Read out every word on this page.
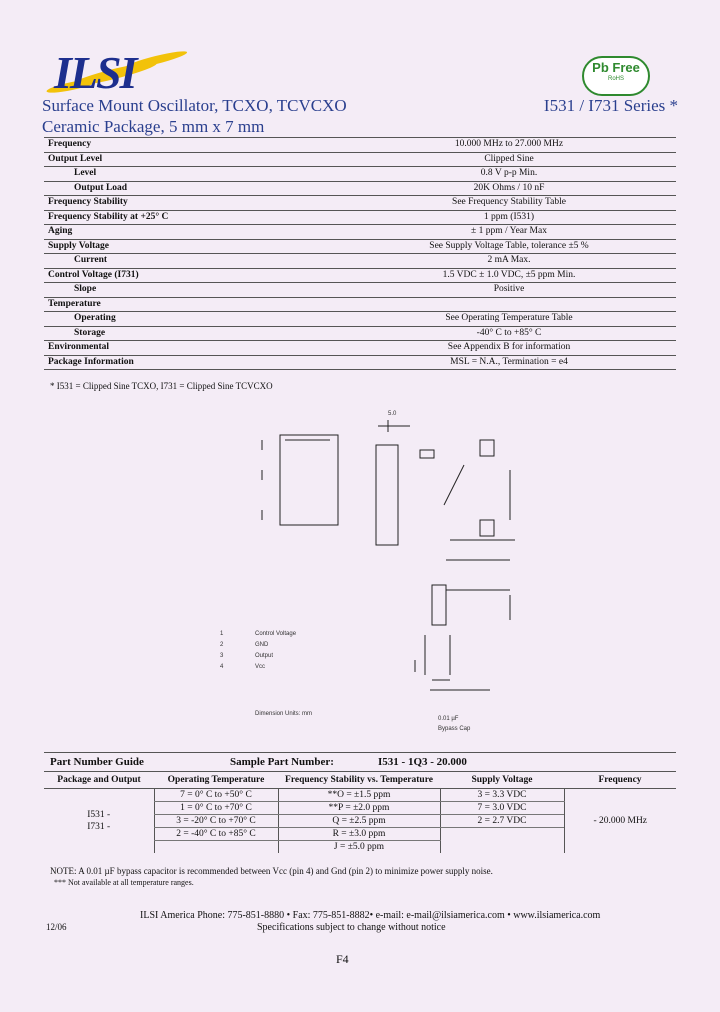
ILSI	Pb Free
RoHS
Surface Mount Oscillator, TCXO, TCVCXO
Ceramic Package, 5 mm x 7 mm
I531 / I731 Series *
Frequency	10.000 MHz to 27.000 MHz
Output Level	Clipped Sine
Level	0.8 V p-p Min.
Output Load	20K Ohms / 10 nF
Frequency Stability	See Frequency Stability Table
Frequency Stability at +25° C	1 ppm (I531)
Aging	± 1 ppm / Year Max
Supply Voltage	See Supply Voltage Table, tolerance ±5 %
Current	2 mA Max.
Control Voltage (I731)	1.5 VDC ± 1.0 VDC, ±5 ppm Min.
Slope	Positive
Temperature	
Operating	See Operating Temperature Table
Storage	-40° C to +85° C
Environmental	See Appendix B for information
Package Information	MSL = N.A., Termination = e4
* I531 = Clipped Sine TCXO, I731 = Clipped Sine TCVCXO
1	Control Voltage
2	GND
3	Output
4	Vcc
Dimension Units: mm
0.01 µF
Bypass Cap
5.0
Part Number Guide	Sample Part Number:	I531 - 1Q3 - 20.000
Package and Output	Operating Temperature	Frequency Stability vs. Temperature	Supply Voltage	Frequency

I531 -
I731 -	7 = 0° C to +50° C	**O = ±1.5 ppm	3 = 3.3 VDC	- 20.000 MHz
	1 = 0° C to +70° C	**P = ±2.0 ppm	7 = 3.0 VDC	
	3 = -20° C to +70° C	Q = ±2.5 ppm	2 = 2.7 VDC	
	2 = -40° C to +85° C	R = ±3.0 ppm		
		J = ±5.0 ppm		
NOTE: A 0.01 µF bypass capacitor is recommended between Vcc (pin 4) and Gnd (pin 2) to minimize power supply noise.
*** Not available at all temperature ranges.
ILSI America Phone: 775-851-8880 • Fax: 775-851-8882• e-mail: e-mail@ilsiamerica.com • www.ilsiamerica.com
12/06	Specifications subject to change without notice
F4
